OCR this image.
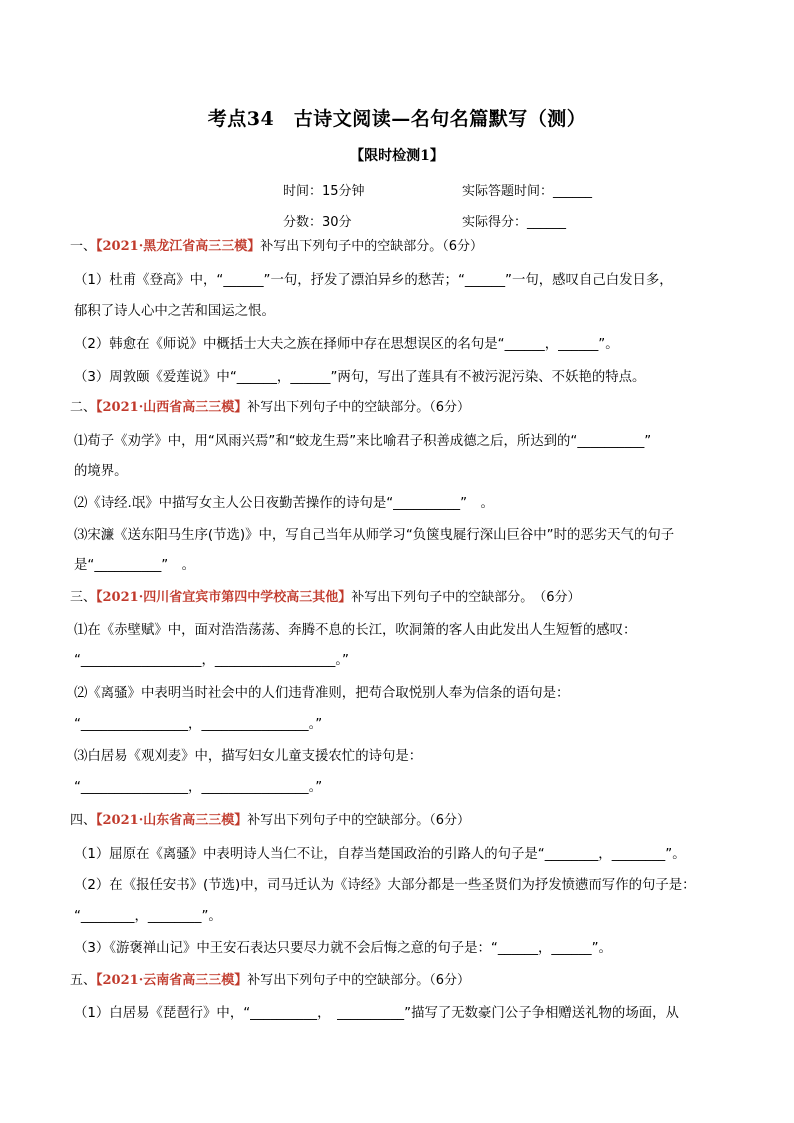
考点34　古诗文阅读—名句名篇默写（测）
【限时检测1】
时间：15分钟	实际答题时间：______
分数：30分	实际得分：______
一、【2021·黑龙江省高三三模】补写出下列句子中的空缺部分。（6分）
（1）杜甫《登高》中，“______”一句，抒发了漂泊异乡的愁苦；“______”一句，感叹自己白发日多，
郁积了诗人心中之苦和国运之恨。
（2）韩愈在《师说》中概括士大夫之族在择师中存在思想误区的名句是“______，______”。
（3）周敦颐《爱莲说》中“______，______”两句，写出了莲具有不被污泥污染、不妖艳的特点。
二、【2021·山西省高三三模】补写出下列句子中的空缺部分。（6分）
⑴荀子《劝学》中，用“风雨兴焉”和“蛟龙生焉”来比喻君子积善成德之后，所达到的“__________”
的境界。
⑵《诗经.氓》中描写女主人公日夜勤苦操作的诗句是“__________”　。
⑶宋濂《送东阳马生序(节选)》中，写自己当年从师学习“负箧曳屣行深山巨谷中”时的恶劣天气的句子
是“__________”　。
三、【2021·四川省宜宾市第四中学校高三其他】补写出下列句子中的空缺部分。　（6分）
⑴在《赤壁赋》中，面对浩浩荡荡、奔腾不息的长江，吹洞箫的客人由此发出人生短暂的感叹：
“__________________，__________________。”
⑵《离骚》中表明当时社会中的人们违背准则，把苟合取悦别人奉为信条的语句是：
“________________，________________。”
⑶白居易《观刈麦》中，描写妇女儿童支援农忙的诗句是：
“________________，________________。”
四、【2021·山东省高三三模】补写出下列句子中的空缺部分。（6分）
（1）屈原在《离骚》中表明诗人当仁不让，自荐当楚国政治的引路人的句子是“________，________”。
（2）在《报任安书》(节选)中，司马迁认为《诗经》大部分都是一些圣贤们为抒发愤懑而写作的句子是：
“________，________”。
（3）《游褒禅山记》中王安石表达只要尽力就不会后悔之意的句子是：“______，______”。
五、【2021·云南省高三三模】补写出下列句子中的空缺部分。（6分）
（1）白居易《琵琶行》中，“__________，　__________”描写了无数豪门公子争相赠送礼物的场面，从
